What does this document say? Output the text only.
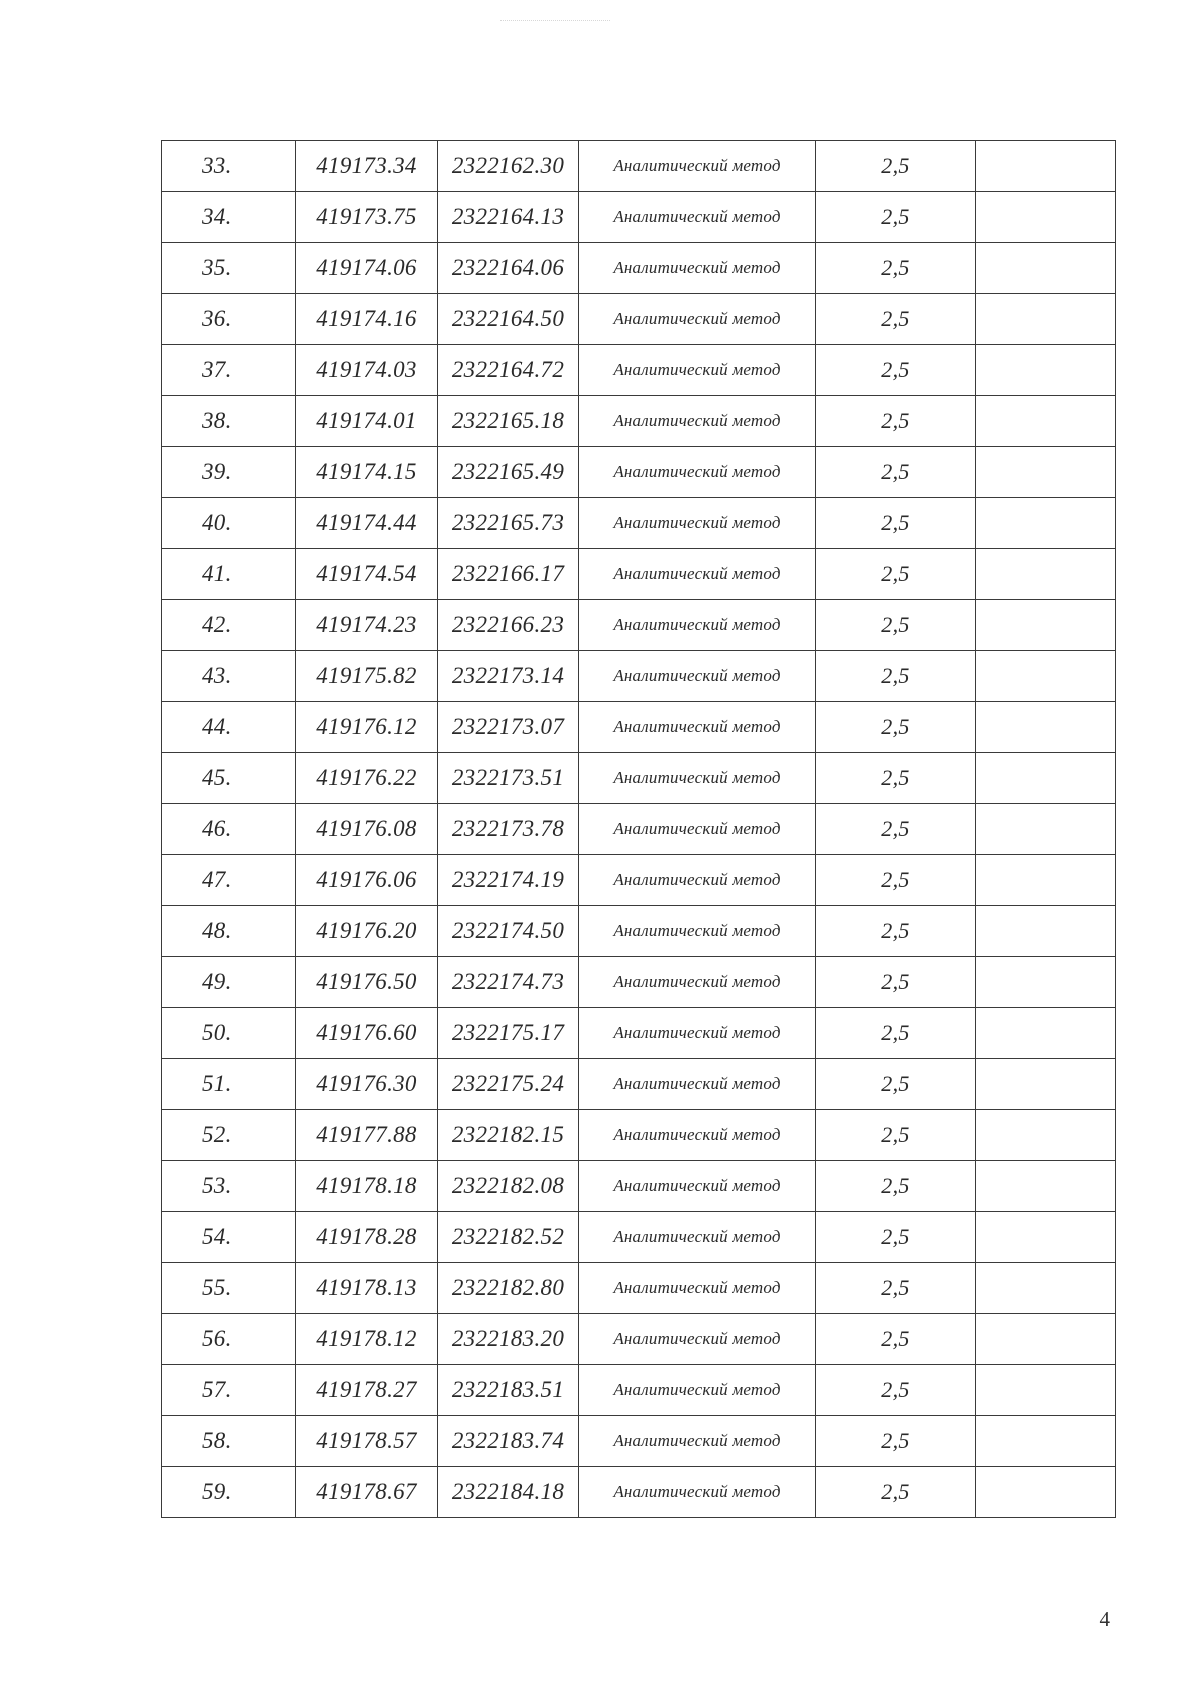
33.	419173.34	2322162.30	Аналитический метод	2,5	
34.	419173.75	2322164.13	Аналитический метод	2,5	
35.	419174.06	2322164.06	Аналитический метод	2,5	
36.	419174.16	2322164.50	Аналитический метод	2,5	
37.	419174.03	2322164.72	Аналитический метод	2,5	
38.	419174.01	2322165.18	Аналитический метод	2,5	
39.	419174.15	2322165.49	Аналитический метод	2,5	
40.	419174.44	2322165.73	Аналитический метод	2,5	
41.	419174.54	2322166.17	Аналитический метод	2,5	
42.	419174.23	2322166.23	Аналитический метод	2,5	
43.	419175.82	2322173.14	Аналитический метод	2,5	
44.	419176.12	2322173.07	Аналитический метод	2,5	
45.	419176.22	2322173.51	Аналитический метод	2,5	
46.	419176.08	2322173.78	Аналитический метод	2,5	
47.	419176.06	2322174.19	Аналитический метод	2,5	
48.	419176.20	2322174.50	Аналитический метод	2,5	
49.	419176.50	2322174.73	Аналитический метод	2,5	
50.	419176.60	2322175.17	Аналитический метод	2,5	
51.	419176.30	2322175.24	Аналитический метод	2,5	
52.	419177.88	2322182.15	Аналитический метод	2,5	
53.	419178.18	2322182.08	Аналитический метод	2,5	
54.	419178.28	2322182.52	Аналитический метод	2,5	
55.	419178.13	2322182.80	Аналитический метод	2,5	
56.	419178.12	2322183.20	Аналитический метод	2,5	
57.	419178.27	2322183.51	Аналитический метод	2,5	
58.	419178.57	2322183.74	Аналитический метод	2,5	
59.	419178.67	2322184.18	Аналитический метод	2,5	
4
